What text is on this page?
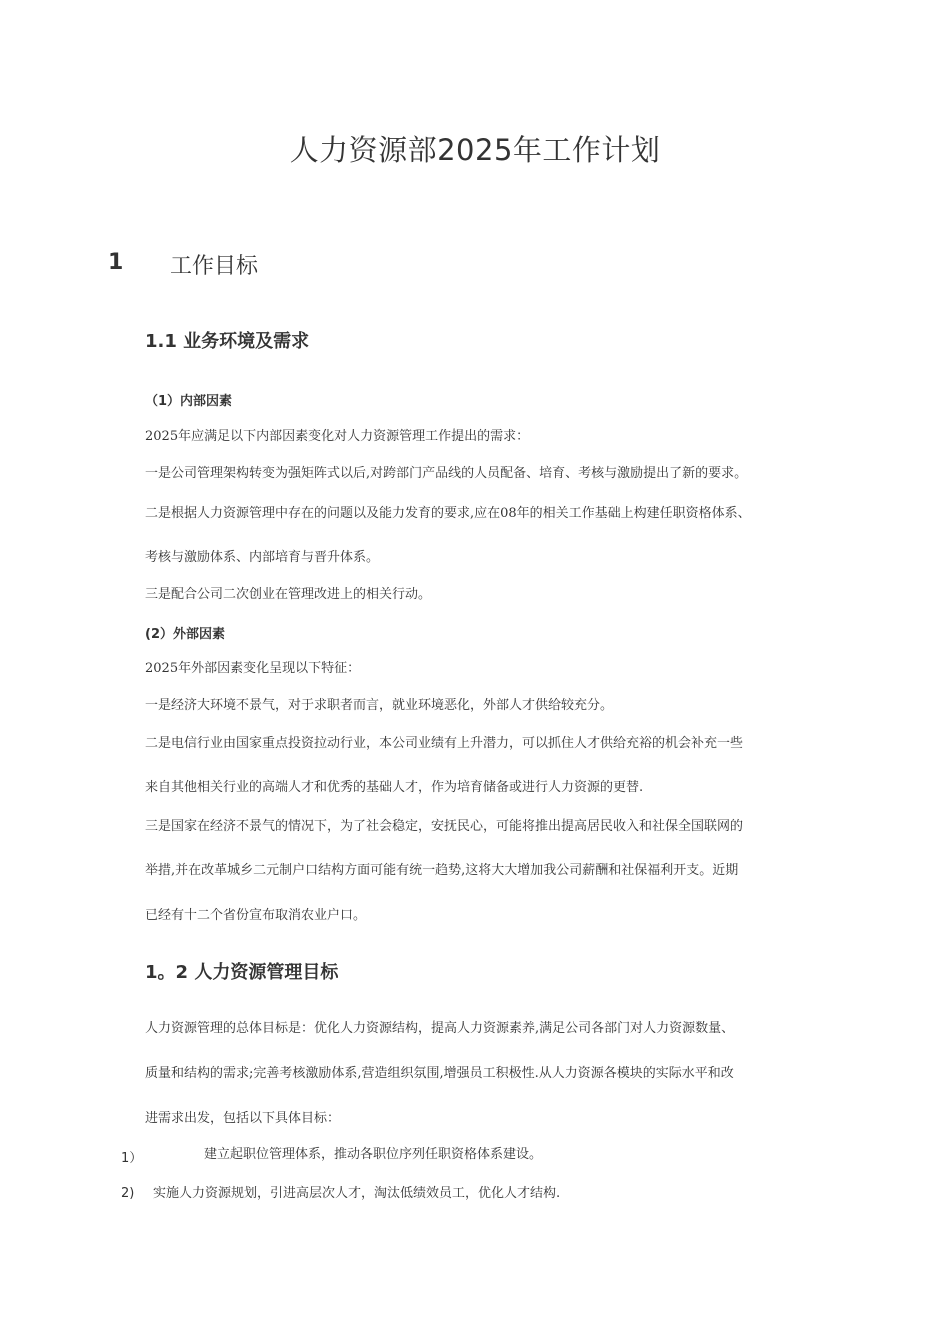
人力资源部2025年工作计划
1 工作目标
1.1 业务环境及需求
（1）内部因素
2025年应满足以下内部因素变化对人力资源管理工作提出的需求：
一是公司管理架构转变为强矩阵式以后,对跨部门产品线的人员配备、培育、考核与激励提出了新的要求。
二是根据人力资源管理中存在的问题以及能力发育的要求,应在08年的相关工作基础上构建任职资格体系、
考核与激励体系、内部培育与晋升体系。
三是配合公司二次创业在管理改进上的相关行动。
(2）外部因素
2025年外部因素变化呈现以下特征：
一是经济大环境不景气，对于求职者而言，就业环境恶化，外部人才供给较充分。
二是电信行业由国家重点投资拉动行业，本公司业绩有上升潜力，可以抓住人才供给充裕的机会补充一些
来自其他相关行业的高端人才和优秀的基础人才，作为培育储备或进行人力资源的更替.
三是国家在经济不景气的情况下，为了社会稳定，安抚民心，可能将推出提高居民收入和社保全国联网的
举措,并在改革城乡二元制户口结构方面可能有统一趋势,这将大大增加我公司薪酬和社保福利开支。近期
已经有十二个省份宣布取消农业户口。
1。2 人力资源管理目标
人力资源管理的总体目标是：优化人力资源结构，提高人力资源素养,满足公司各部门对人力资源数量、
质量和结构的需求;完善考核激励体系,营造组织氛围,增强员工积极性.从人力资源各模块的实际水平和改
进需求出发，包括以下具体目标：
1）	建立起职位管理体系，推动各职位序列任职资格体系建设。
2) 实施人力资源规划，引进高层次人才，淘汰低绩效员工，优化人才结构.
